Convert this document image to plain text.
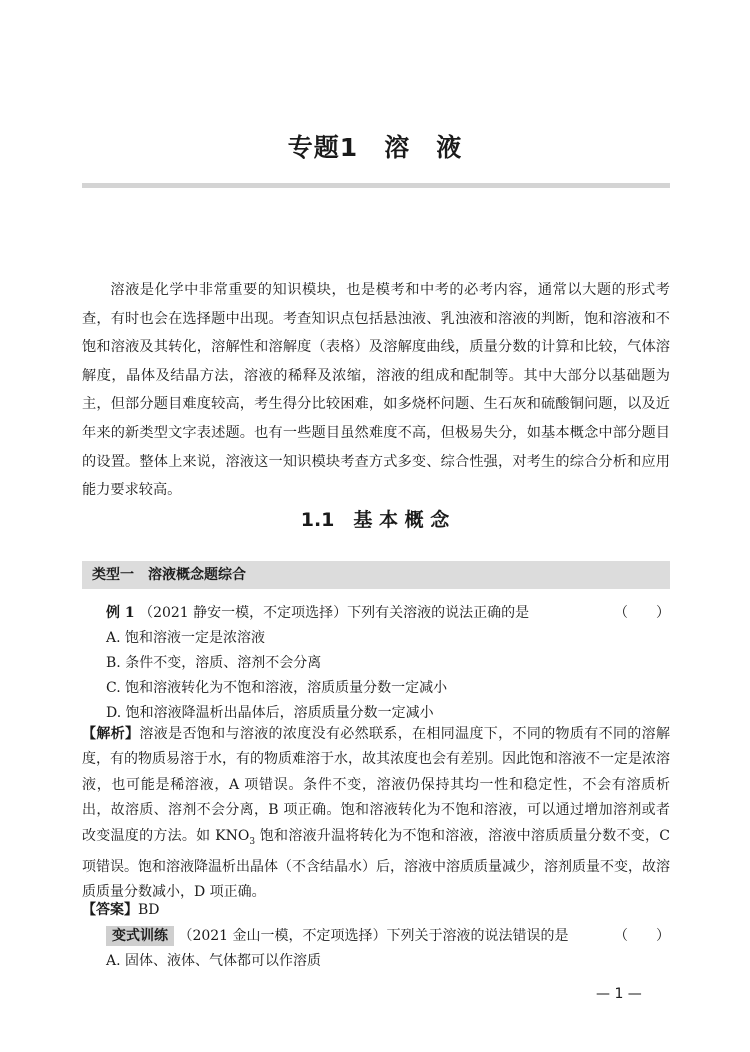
专题1　溶　液

溶液是化学中非常重要的知识模块，也是模考和中考的必考内容，通常以大题的形式考查，有时也会在选择题中出现。考查知识点包括悬浊液、乳浊液和溶液的判断，饱和溶液和不饱和溶液及其转化，溶解性和溶解度（表格）及溶解度曲线，质量分数的计算和比较，气体溶解度，晶体及结晶方法，溶液的稀释及浓缩，溶液的组成和配制等。其中大部分以基础题为主，但部分题目难度较高，考生得分比较困难，如多烧杯问题、生石灰和硫酸铜问题，以及近年来的新类型文字表述题。也有一些题目虽然难度不高，但极易失分，如基本概念中部分题目的设置。整体上来说，溶液这一知识模块考查方式多变、综合性强，对考生的综合分析和应用能力要求较高。

1.1　基 本 概 念
类型一　溶液概念题综合
例 1 （2021 静安一模，不定项选择）下列有关溶液的说法正确的是	（　　）
A. 饱和溶液一定是浓溶液
B. 条件不变，溶质、溶剂不会分离
C. 饱和溶液转化为不饱和溶液，溶质质量分数一定减小
D. 饱和溶液降温析出晶体后，溶质质量分数一定减小

【解析】溶液是否饱和与溶液的浓度没有必然联系，在相同温度下，不同的物质有不同的溶解度，有的物质易溶于水，有的物质难溶于水，故其浓度也会有差别。因此饱和溶液不一定是浓溶液，也可能是稀溶液，A 项错误。条件不变，溶液仍保持其均一性和稳定性，不会有溶质析出，故溶质、溶剂不会分离，B 项正确。饱和溶液转化为不饱和溶液，可以通过增加溶剂或者改变温度的方法。如 $KNO_3$ 饱和溶液升温将转化为不饱和溶液，溶液中溶质质量分数不变，C 项错误。饱和溶液降温析出晶体（不含结晶水）后，溶液中溶质质量减少，溶剂质量不变，故溶质质量分数减小，D 项正确。

【答案】BD
变式训练 （2021 金山一模，不定项选择）下列关于溶液的说法错误的是	（　　）
A. 固体、液体、气体都可以作溶质
— 1 —
